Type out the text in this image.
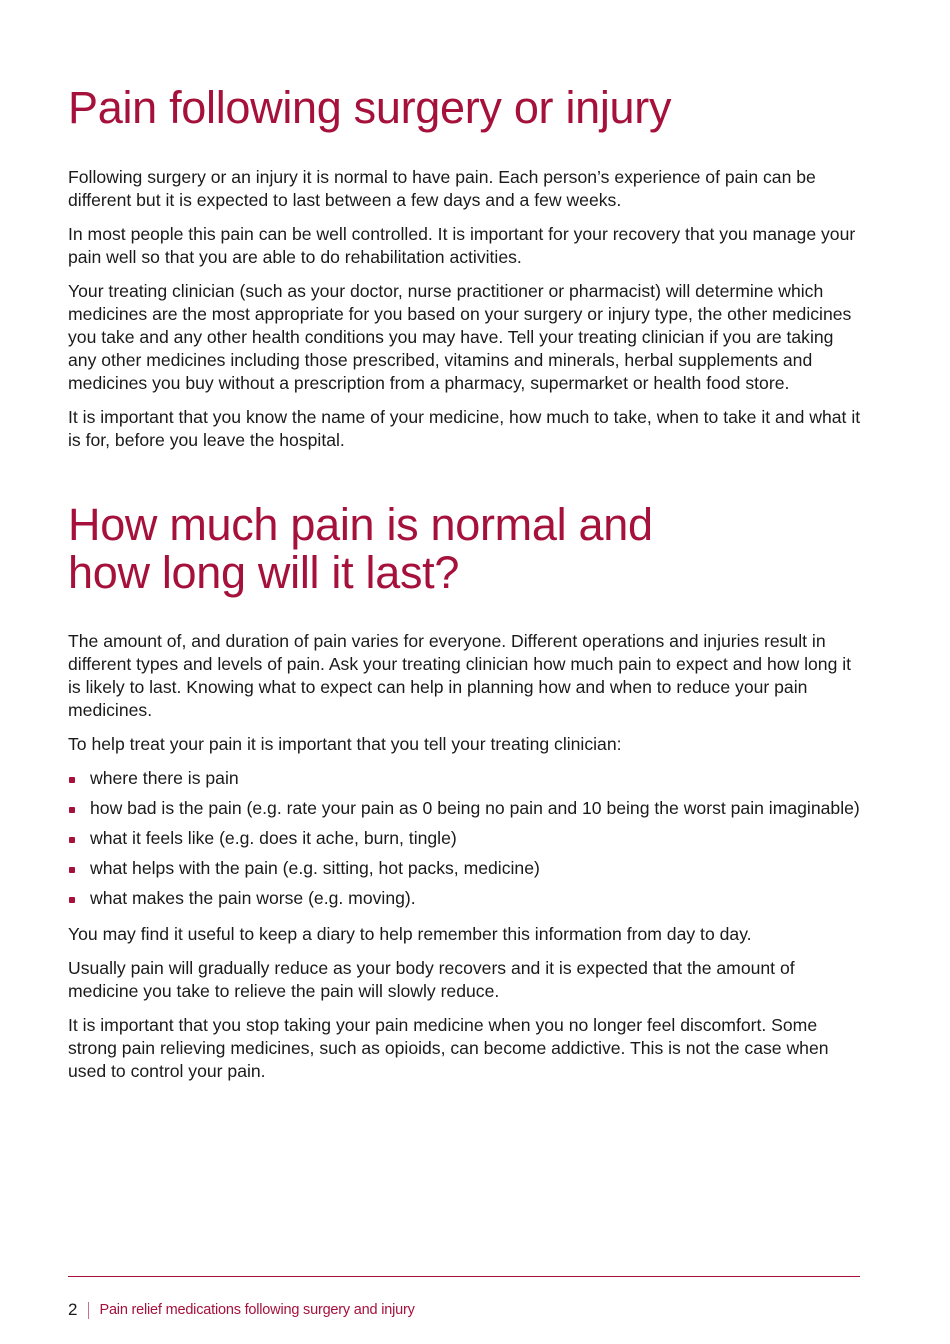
Pain following surgery or injury

Following surgery or an injury it is normal to have pain. Each person’s experience of pain can be different but it is expected to last between a few days and a few weeks.

In most people this pain can be well controlled. It is important for your recovery that you manage your pain well so that you are able to do rehabilitation activities.

Your treating clinician (such as your doctor, nurse practitioner or pharmacist) will determine which medicines are the most appropriate for you based on your surgery or injury type, the other medicines you take and any other health conditions you may have. Tell your treating clinician if you are taking any other medicines including those prescribed, vitamins and minerals, herbal supplements and medicines you buy without a prescription from a pharmacy, supermarket or health food store.

It is important that you know the name of your medicine, how much to take, when to take it and what it is for, before you leave the hospital.

How much pain is normal and
how long will it last?

The amount of, and duration of pain varies for everyone. Different operations and injuries result in different types and levels of pain. Ask your treating clinician how much pain to expect and how long it is likely to last. Knowing what to expect can help in planning how and when to reduce your pain medicines.

To help treat your pain it is important that you tell your treating clinician:

where there is pain
how bad is the pain (e.g. rate your pain as 0 being no pain and 10 being the worst pain imaginable)
what it feels like (e.g. does it ache, burn, tingle)
what helps with the pain (e.g. sitting, hot packs, medicine)
what makes the pain worse (e.g. moving).

You may find it useful to keep a diary to help remember this information from day to day.

Usually pain will gradually reduce as your body recovers and it is expected that the amount of medicine you take to relieve the pain will slowly reduce.

It is important that you stop taking your pain medicine when you no longer feel discomfort. Some strong pain relieving medicines, such as opioids, can become addictive. This is not the case when used to control your pain.

2 Pain relief medications following surgery and injury
